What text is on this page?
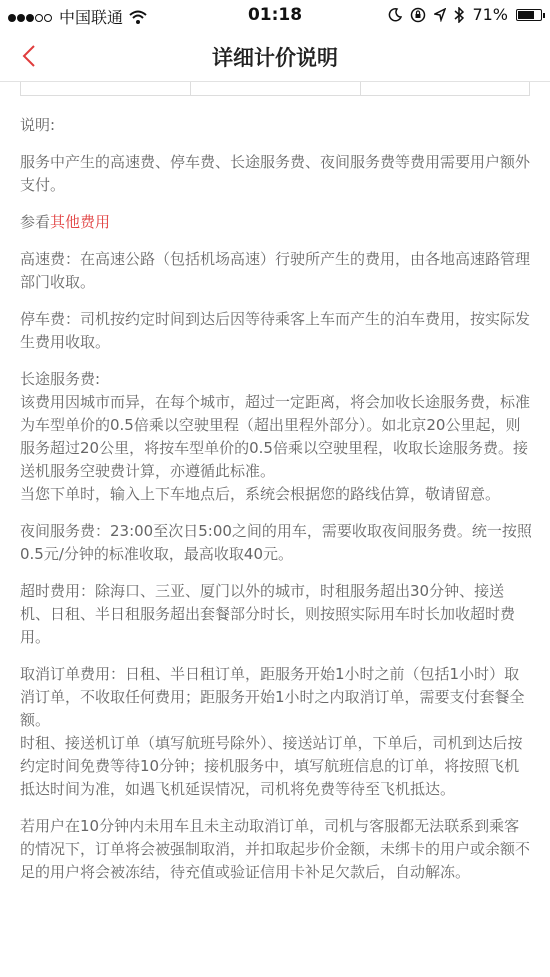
中国联通	01:18	71%
详细计价说明

说明:

服务中产生的高速费、停车费、长途服务费、夜间服务费等费用需要用户额外支付。

参看其他费用

高速费：在高速公路（包括机场高速）行驶所产生的费用，由各地高速路管理部门收取。

停车费：司机按约定时间到达后因等待乘客上车而产生的泊车费用，按实际发生费用收取。

长途服务费:
该费用因城市而异，在每个城市，超过一定距离，将会加收长途服务费，标准为车型单价的0.5倍乘以空驶里程（超出里程外部分）。如北京20公里起，则服务超过20公里，将按车型单价的0.5倍乘以空驶里程，收取长途服务费。接送机服务空驶费计算，亦遵循此标准。
当您下单时，输入上下车地点后，系统会根据您的路线估算，敬请留意。

夜间服务费：23:00至次日5:00之间的用车，需要收取夜间服务费。统一按照0.5元/分钟的标准收取，最高收取40元。

超时费用：除海口、三亚、厦门以外的城市，时租服务超出30分钟、接送机、日租、半日租服务超出套餐部分时长，则按照实际用车时长加收超时费用。

取消订单费用：日租、半日租订单，距服务开始1小时之前（包括1小时）取消订单，不收取任何费用；距服务开始1小时之内取消订单，需要支付套餐全额。
时租、接送机订单（填写航班号除外）、接送站订单，下单后，司机到达后按约定时间免费等待10分钟；接机服务中，填写航班信息的订单，将按照飞机抵达时间为准，如遇飞机延误情况，司机将免费等待至飞机抵达。

若用户在10分钟内未用车且未主动取消订单，司机与客服都无法联系到乘客的情况下，订单将会被强制取消，并扣取起步价金额，未绑卡的用户或余额不足的用户将会被冻结，待充值或验证信用卡补足欠款后，自动解冻。
